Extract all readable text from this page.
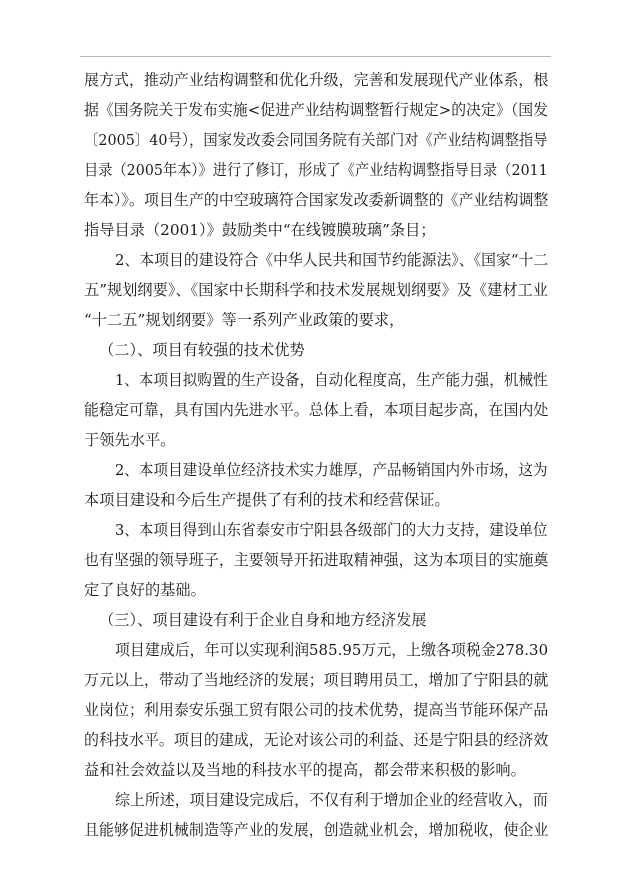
展方式，推动产业结构调整和优化升级，完善和发展现代产业体系，根
据《国务院关于发布实施<促进产业结构调整暂行规定>的决定》（国发
〔2005〕40号），国家发改委会同国务院有关部门对《产业结构调整指导
目录（2005年本）》进行了修订，形成了《产业结构调整指导目录（2011
年本）》。项目生产的中空玻璃符合国家发改委新调整的《产业结构调整
指导目录（2001）》鼓励类中“在线镀膜玻璃”条目；
2、本项目的建设符合《中华人民共和国节约能源法》、《国家“十二
五”规划纲要》、《国家中长期科学和技术发展规划纲要》及《建材工业
“十二五”规划纲要》等一系列产业政策的要求，
（二）、项目有较强的技术优势
1、本项目拟购置的生产设备，自动化程度高，生产能力强，机械性
能稳定可靠，具有国内先进水平。总体上看，本项目起步高，在国内处
于领先水平。
2、本项目建设单位经济技术实力雄厚，产品畅销国内外市场，这为
本项目建设和今后生产提供了有利的技术和经营保证。
3、本项目得到山东省泰安市宁阳县各级部门的大力支持，建设单位
也有坚强的领导班子，主要领导开拓进取精神强，这为本项目的实施奠
定了良好的基础。
（三）、项目建设有利于企业自身和地方经济发展
项目建成后，年可以实现利润585.95万元，上缴各项税金278.30
万元以上，带动了当地经济的发展；项目聘用员工，增加了宁阳县的就
业岗位；利用泰安乐强工贸有限公司的技术优势，提高当节能环保产品
的科技水平。项目的建成，无论对该公司的利益、还是宁阳县的经济效
益和社会效益以及当地的科技水平的提高，都会带来积极的影响。
综上所述，项目建设完成后，不仅有利于增加企业的经营收入，而
且能够促进机械制造等产业的发展，创造就业机会，增加税收，使企业
